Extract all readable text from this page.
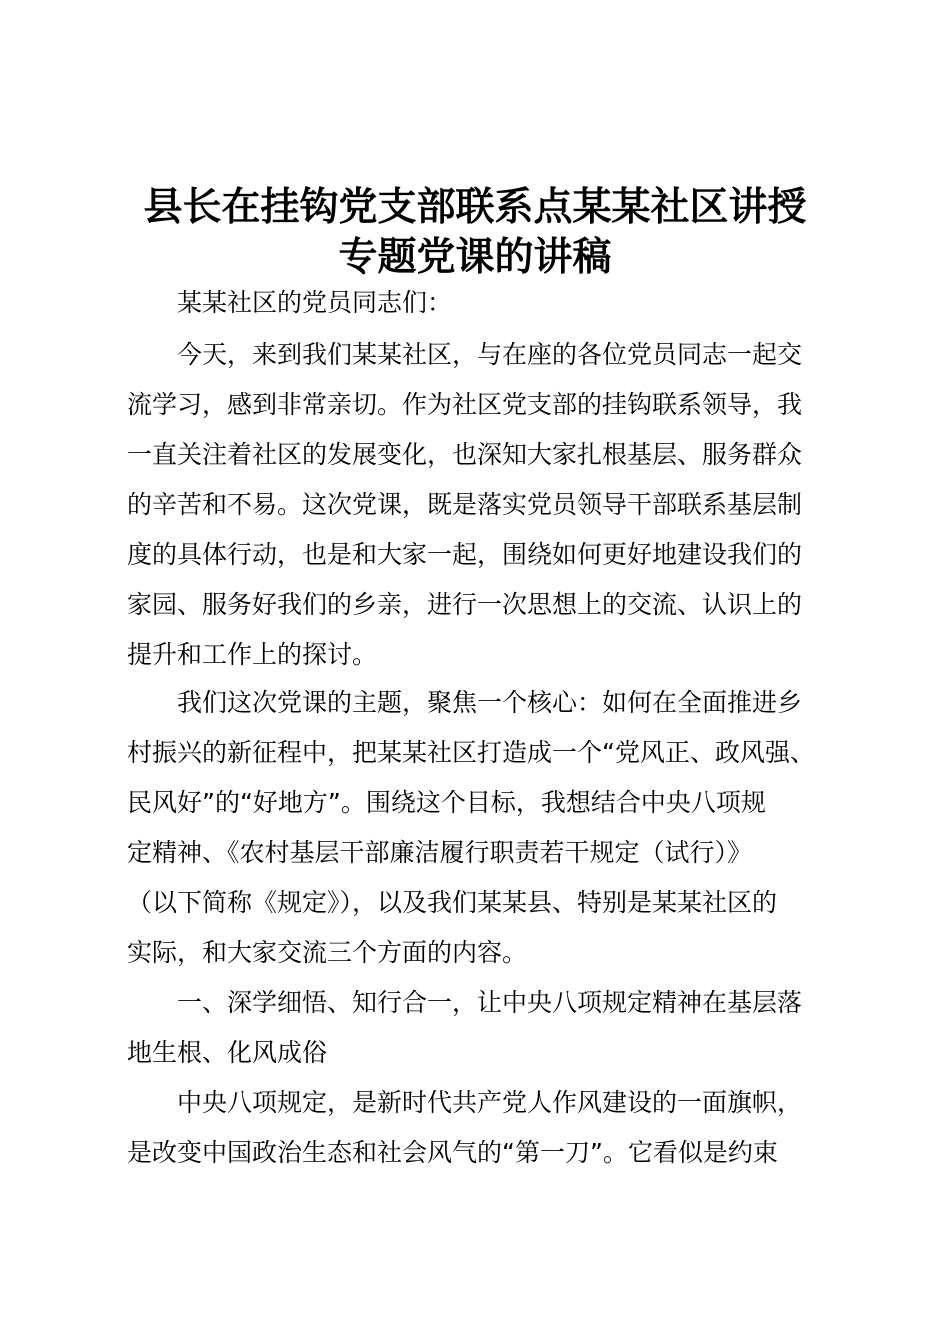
县长在挂钩党支部联系点某某社区讲授
专题党课的讲稿
某某社区的党员同志们：
今天，来到我们某某社区，与在座的各位党员同志一起交
流学习，感到非常亲切。作为社区党支部的挂钩联系领导，我
一直关注着社区的发展变化，也深知大家扎根基层、服务群众
的辛苦和不易。这次党课，既是落实党员领导干部联系基层制
度的具体行动，也是和大家一起，围绕如何更好地建设我们的
家园、服务好我们的乡亲，进行一次思想上的交流、认识上的
提升和工作上的探讨。
我们这次党课的主题，聚焦一个核心：如何在全面推进乡
村振兴的新征程中，把某某社区打造成一个“党风正、政风强、
民风好”的“好地方”。围绕这个目标，我想结合中央八项规
定精神、《农村基层干部廉洁履行职责若干规定（试行）》
（以下简称《规定》），以及我们某某县、特别是某某社区的
实际，和大家交流三个方面的内容。
一、深学细悟、知行合一，让中央八项规定精神在基层落
地生根、化风成俗
中央八项规定，是新时代共产党人作风建设的一面旗帜，
是改变中国政治生态和社会风气的“第一刀”。它看似是约束
